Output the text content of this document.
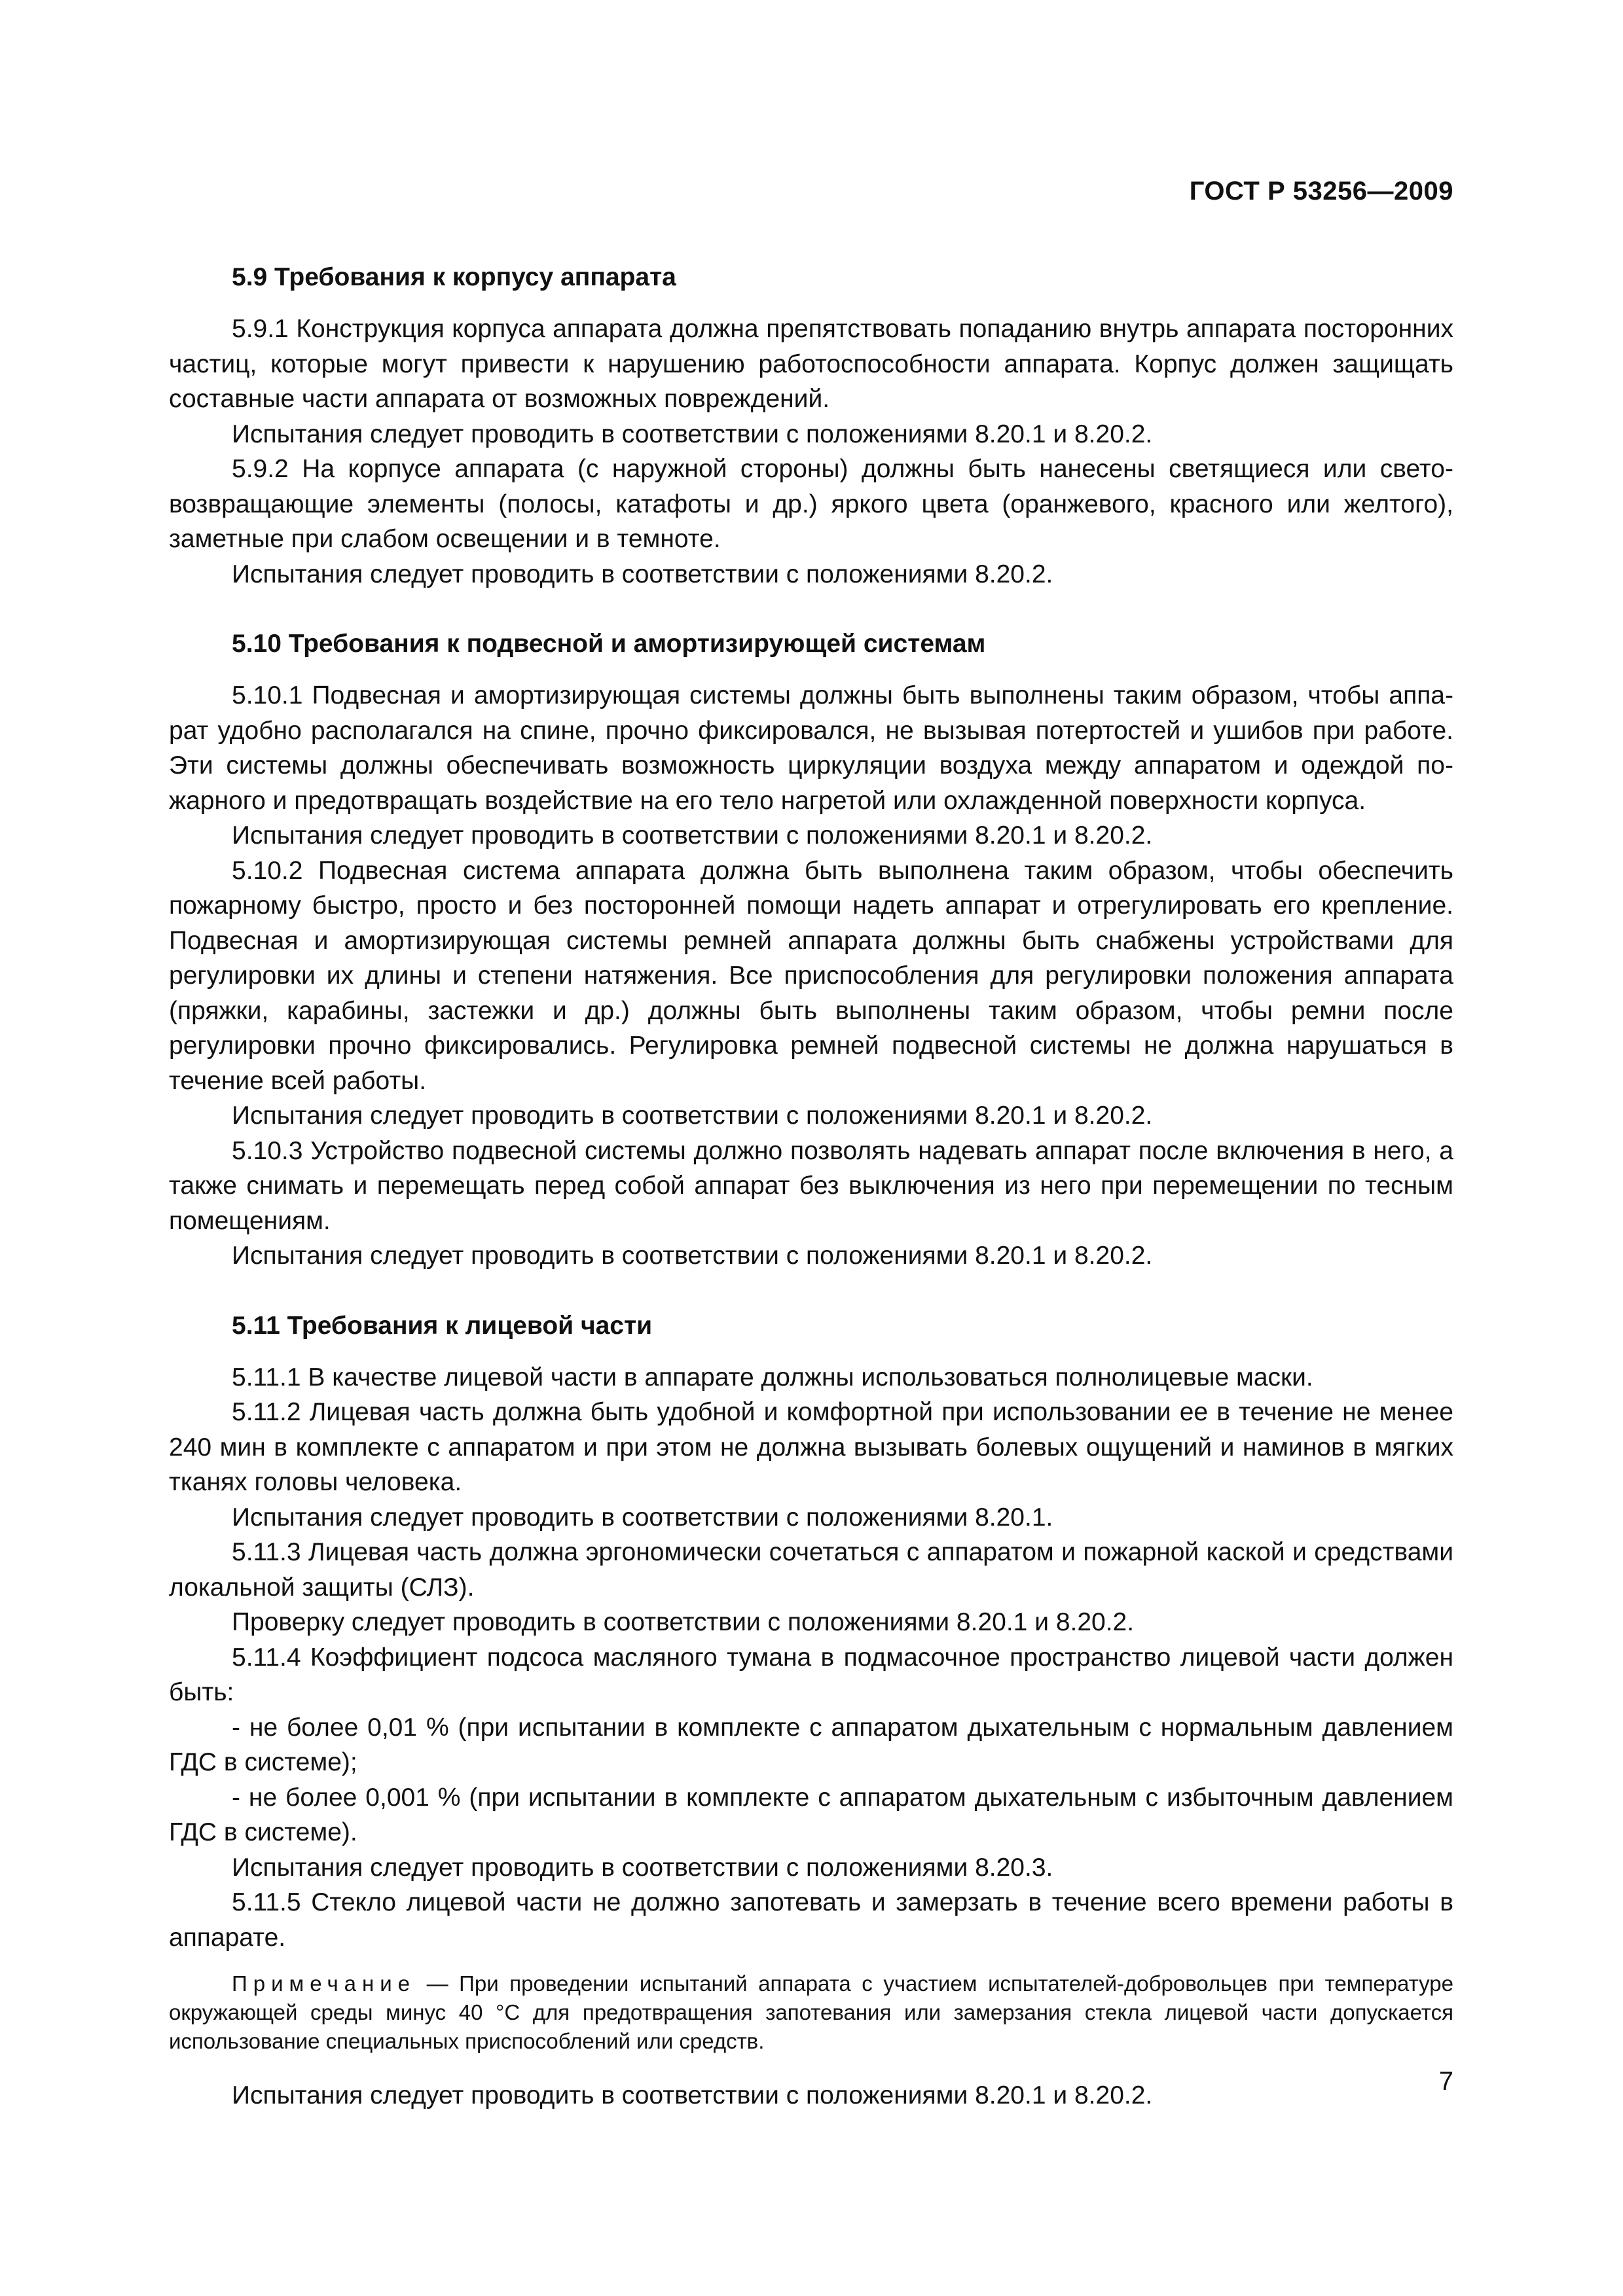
ГОСТ Р 53256—2009
5.9 Требования к корпусу аппарата

5.9.1 Конструкция корпуса аппарата должна препятствовать попаданию внутрь аппарата посторонних частиц, которые могут привести к нарушению работоспособности аппарата. Корпус должен защищать составные части аппарата от возможных повреждений.

Испытания следует проводить в соответствии с положениями 8.20.1 и 8.20.2.

5.9.2 На корпусе аппарата (с наружной стороны) должны быть нанесены светящиеся или световозвращающие элементы (полосы, катафоты и др.) яркого цвета (оранжевого, красного или желтого), заметные при слабом освещении и в темноте.

Испытания следует проводить в соответствии с положениями 8.20.2.

5.10 Требования к подвесной и амортизирующей системам

5.10.1 Подвесная и амортизирующая системы должны быть выполнены таким образом, чтобы аппарат удобно располагался на спине, прочно фиксировался, не вызывая потертостей и ушибов при работе. Эти системы должны обеспечивать возможность циркуляции воздуха между аппаратом и одеждой пожарного и предотвращать воздействие на его тело нагретой или охлажденной поверхности корпуса.

Испытания следует проводить в соответствии с положениями 8.20.1 и 8.20.2.

5.10.2 Подвесная система аппарата должна быть выполнена таким образом, чтобы обеспечить пожарному быстро, просто и без посторонней помощи надеть аппарат и отрегулировать его крепление. Подвесная и амортизирующая системы ремней аппарата должны быть снабжены устройствами для регулировки их длины и степени натяжения. Все приспособления для регулировки положения аппарата (пряжки, карабины, застежки и др.) должны быть выполнены таким образом, чтобы ремни после регулировки прочно фиксировались. Регулировка ремней подвесной системы не должна нарушаться в течение всей работы.

Испытания следует проводить в соответствии с положениями 8.20.1 и 8.20.2.

5.10.3 Устройство подвесной системы должно позволять надевать аппарат после включения в него, а также снимать и перемещать перед собой аппарат без выключения из него при перемещении по тесным помещениям.

Испытания следует проводить в соответствии с положениями 8.20.1 и 8.20.2.

5.11 Требования к лицевой части

5.11.1 В качестве лицевой части в аппарате должны использоваться полнолицевые маски.

5.11.2 Лицевая часть должна быть удобной и комфортной при использовании ее в течение не менее 240 мин в комплекте с аппаратом и при этом не должна вызывать болевых ощущений и наминов в мягких тканях головы человека.

Испытания следует проводить в соответствии с положениями 8.20.1.

5.11.3 Лицевая часть должна эргономически сочетаться с аппаратом и пожарной каской и средствами локальной защиты (СЛЗ).

Проверку следует проводить в соответствии с положениями 8.20.1 и 8.20.2.

5.11.4 Коэффициент подсоса масляного тумана в подмасочное пространство лицевой части должен быть:

- не более 0,01 % (при испытании в комплекте с аппаратом дыхательным с нормальным давлением ГДС в системе);

- не более 0,001 % (при испытании в комплекте с аппаратом дыхательным с избыточным давлением ГДС в системе).

Испытания следует проводить в соответствии с положениями 8.20.3.

5.11.5 Стекло лицевой части не должно запотевать и замерзать в течение всего времени работы в аппарате.

Примечание — При проведении испытаний аппарата с участием испытателей-добровольцев при температуре окружающей среды минус 40 °С для предотвращения запотевания или замерзания стекла лицевой части допускается использование специальных приспособлений или средств.

Испытания следует проводить в соответствии с положениями 8.20.1 и 8.20.2.	7
